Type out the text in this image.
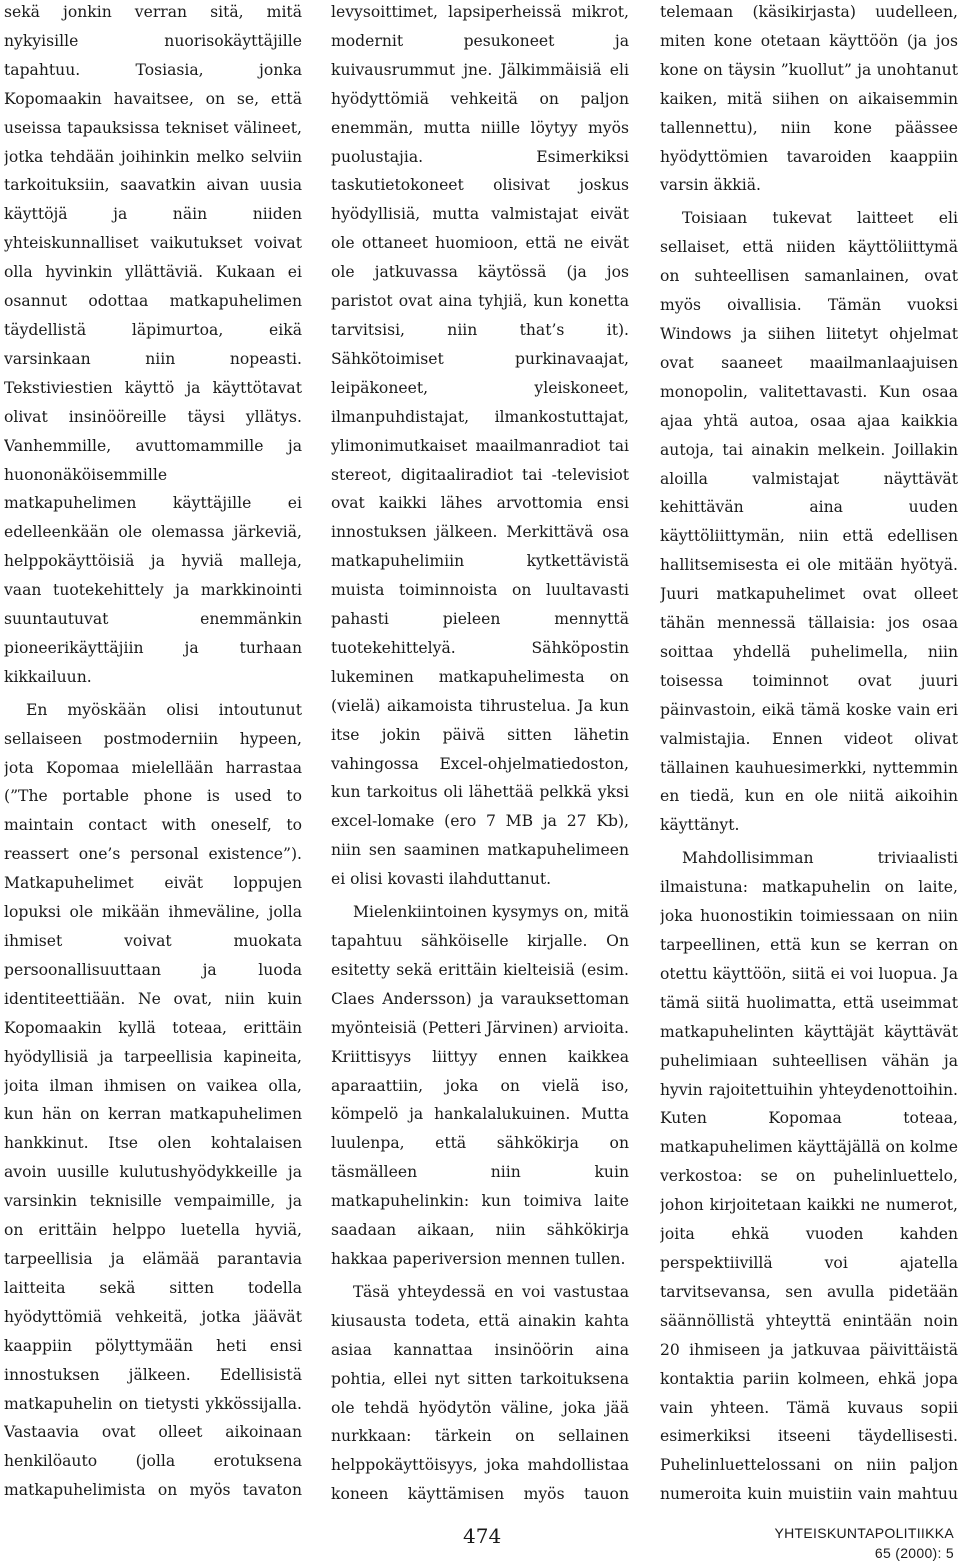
sekä jonkin verran sitä, mitä nykyisille nuorisokäyttäjille tapahtuu. Tosiasia, jonka Kopomaakin havaitsee, on se, että useissa tapauksissa tekniset välineet, jotka tehdään joihinkin melko selviin tarkoituksiin, saavatkin aivan uusia käyttöjä ja näin niiden yhteiskunnalliset vaikutukset voivat olla hyvinkin yllättäviä. Kukaan ei osannut odottaa matkapuhelimen täydellistä läpimurtoa, eikä varsinkaan niin nopeasti. Tekstiviestien käyttö ja käyttötavat olivat insinööreille täysi yllätys. Vanhemmille, avuttomammille ja huononäköisemmille matkapuhelimen käyttäjille ei edelleenkään ole olemassa järkeviä, helppokäyttöisiä ja hyviä malleja, vaan tuotekehittely ja markkinointi suuntautuvat enemmänkin pioneerikäyttäjiin ja turhaan kikkailuun.

En myöskään olisi intoutunut sellaiseen postmoderniin hypeen, jota Kopomaa mielellään harrastaa (”The portable phone is used to maintain contact with oneself, to reassert one’s personal existence”). Matkapuhelimet eivät loppujen lopuksi ole mikään ihmeväline, jolla ihmiset voivat muokata persoonallisuuttaan ja luoda identiteettiään. Ne ovat, niin kuin Kopomaakin kyllä toteaa, erittäin hyödyllisiä ja tarpeellisia kapineita, joita ilman ihmisen on vaikea olla, kun hän on kerran matkapuhelimen hankkinut. Itse olen kohtalaisen avoin uusille kulutushyödykkeille ja varsinkin teknisille vempaimille, ja on erittäin helppo luetella hyviä, tarpeellisia ja elämää parantavia laitteita sekä sitten todella hyödyttömiä vehkeitä, jotka jäävät kaappiin pölyttymään heti ensi innostuksen jälkeen. Edellisistä matkapuhelin on tietysti ykkössijalla. Vastaavia ovat olleet aikoinaan henkilöauto (jolla erotuksena matkapuhelimista on myös tavaton

levysoittimet, lapsiperheissä mikrot, modernit pesukoneet ja kuivausrummut jne. Jälkimmäisiä eli hyödyttömiä vehkeitä on paljon enemmän, mutta niille löytyy myös puolustajia. Esimerkiksi taskutietokoneet olisivat joskus hyödyllisiä, mutta valmistajat eivät ole ottaneet huomioon, että ne eivät ole jatkuvassa käytössä (ja jos paristot ovat aina tyhjiä, kun konetta tarvitsisi, niin that’s it). Sähkötoimiset purkinavaajat, leipäkoneet, yleiskoneet, ilmanpuhdistajat, ilmankostuttajat, ylimonimutkaiset maailmanradiot tai stereot, digitaaliradiot tai -televisiot ovat kaikki lähes arvottomia ensi innostuksen jälkeen. Merkittävä osa matkapuhelimiin kytkettävistä muista toiminnoista on luultavasti pahasti pieleen mennyttä tuotekehittelyä. Sähköpostin lukeminen matkapuhelimesta on (vielä) aikamoista tihrustelua. Ja kun itse jokin päivä sitten lähetin vahingossa Excel-ohjelmatiedoston, kun tarkoitus oli lähettää pelkkä yksi excel-lomake (ero 7 MB ja 27 Kb), niin sen saaminen matkapuhelimeen ei olisi kovasti ilahduttanut.

Mielenkiintoinen kysymys on, mitä tapahtuu sähköiselle kirjalle. On esitetty sekä erittäin kielteisiä (esim. Claes Andersson) ja varauksettoman myönteisiä (Petteri Järvinen) arvioita. Kriittisyys liittyy ennen kaikkea aparaattiin, joka on vielä iso, kömpelö ja hankalalukuinen. Mutta luulenpa, että sähkökirja on täsmälleen niin kuin matkapuhelinkin: kun toimiva laite saadaan aikaan, niin sähkökirja hakkaa paperiversion mennen tullen.

Täsä yhteydessä en voi vastustaa kiusausta todeta, että ainakin kahta asiaa kannattaa insinöörin aina pohtia, ellei nyt sitten tarkoituksena ole tehdä hyödytön väline, joka jää nurkkaan: tärkein on sellainen helppokäyttöisyys, joka mahdollistaa koneen käyttämisen myös tauon

telemaan (käsikirjasta) uudelleen, miten kone otetaan käyttöön (ja jos kone on täysin ”kuollut” ja unohtanut kaiken, mitä siihen on aikaisemmin tallennettu), niin kone päässee hyödyttömien tavaroiden kaappiin varsin äkkiä.

Toisiaan tukevat laitteet eli sellaiset, että niiden käyttöliittymä on suhteellisen samanlainen, ovat myös oivallisia. Tämän vuoksi Windows ja siihen liitetyt ohjelmat ovat saaneet maailmanlaajuisen monopolin, valitettavasti. Kun osaa ajaa yhtä autoa, osaa ajaa kaikkia autoja, tai ainakin melkein. Joillakin aloilla valmistajat näyttävät kehittävän aina uuden käyttöliittymän, niin että edellisen hallitsemisesta ei ole mitään hyötyä. Juuri matkapuhelimet ovat olleet tähän mennessä tällaisia: jos osaa soittaa yhdellä puhelimella, niin toisessa toiminnot ovat juuri päinvastoin, eikä tämä koske vain eri valmistajia. Ennen videot olivat tällainen kauhuesimerkki, nyttemmin en tiedä, kun en ole niitä aikoihin käyttänyt.

Mahdollisimman triviaalisti ilmaistuna: matkapuhelin on laite, joka huonostikin toimiessaan on niin tarpeellinen, että kun se kerran on otettu käyttöön, siitä ei voi luopua. Ja tämä siitä huolimatta, että useimmat matkapuhelinten käyttäjät käyttävät puhelimiaan suhteellisen vähän ja hyvin rajoitettuihin yhteydenottoihin. Kuten Kopomaa toteaa, matkapuhelimen käyttäjällä on kolme verkostoa: se on puhelinluettelo, johon kirjoitetaan kaikki ne numerot, joita ehkä vuoden kahden perspektiivillä voi ajatella tarvitsevansa, sen avulla pidetään säännöllistä yhteyttä enintään noin 20 ihmiseen ja jatkuvaa päivittäistä kontaktia pariin kolmeen, ehkä jopa vain yhteen. Tämä kuvaus sopii esimerkiksi itseeni täydellisesti. Puhelinluettelossani on niin paljon numeroita kuin muistiin vain mahtuu

474	YHTEISKUNTAPOLITIIKKA
65 (2000): 5
